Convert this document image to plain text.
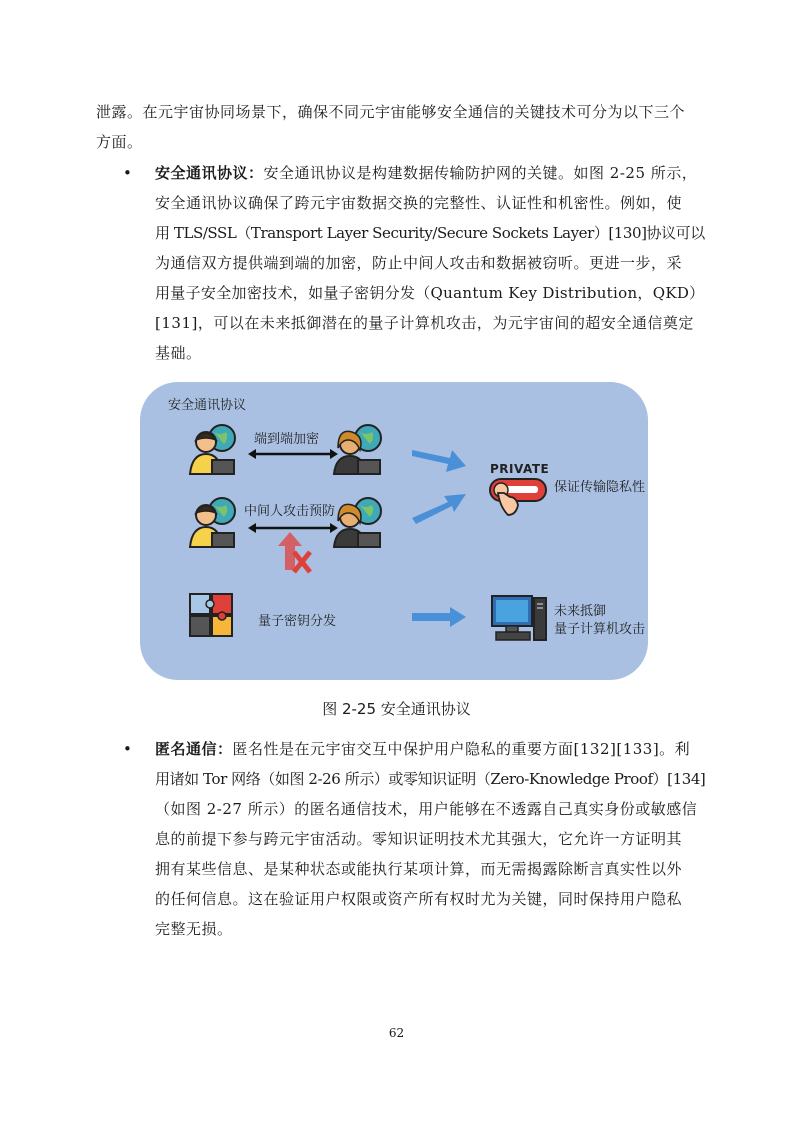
泄露。在元宇宙协同场景下，确保不同元宇宙能够安全通信的关键技术可分为以下三个
方面。
• 安全通讯协议：安全通讯协议是构建数据传输防护网的关键。如图 2-25 所示，
安全通讯协议确保了跨元宇宙数据交换的完整性、认证性和机密性。例如，使
用 TLS/SSL（Transport Layer Security/Secure Sockets Layer）[130]协议可以
为通信双方提供端到端的加密，防止中间人攻击和数据被窃听。更进一步，采
用量子安全加密技术，如量子密钥分发（Quantum Key Distribution，QKD）
[131]，可以在未来抵御潜在的量子计算机攻击，为元宇宙间的超安全通信奠定
基础。
安全通讯协议
端到端加密
中间人攻击预防
PRIVATE
保证传输隐私性
量子密钥分发
未来抵御
量子计算机攻击
图 2-25 安全通讯协议
• 匿名通信：匿名性是在元宇宙交互中保护用户隐私的重要方面[132][133]。利
用诸如 Tor 网络（如图 2-26 所示）或零知识证明（Zero-Knowledge Proof）[134]
（如图 2-27 所示）的匿名通信技术，用户能够在不透露自己真实身份或敏感信
息的前提下参与跨元宇宙活动。零知识证明技术尤其强大，它允许一方证明其
拥有某些信息、是某种状态或能执行某项计算，而无需揭露除断言真实性以外
的任何信息。这在验证用户权限或资产所有权时尤为关键，同时保持用户隐私
完整无损。
62
